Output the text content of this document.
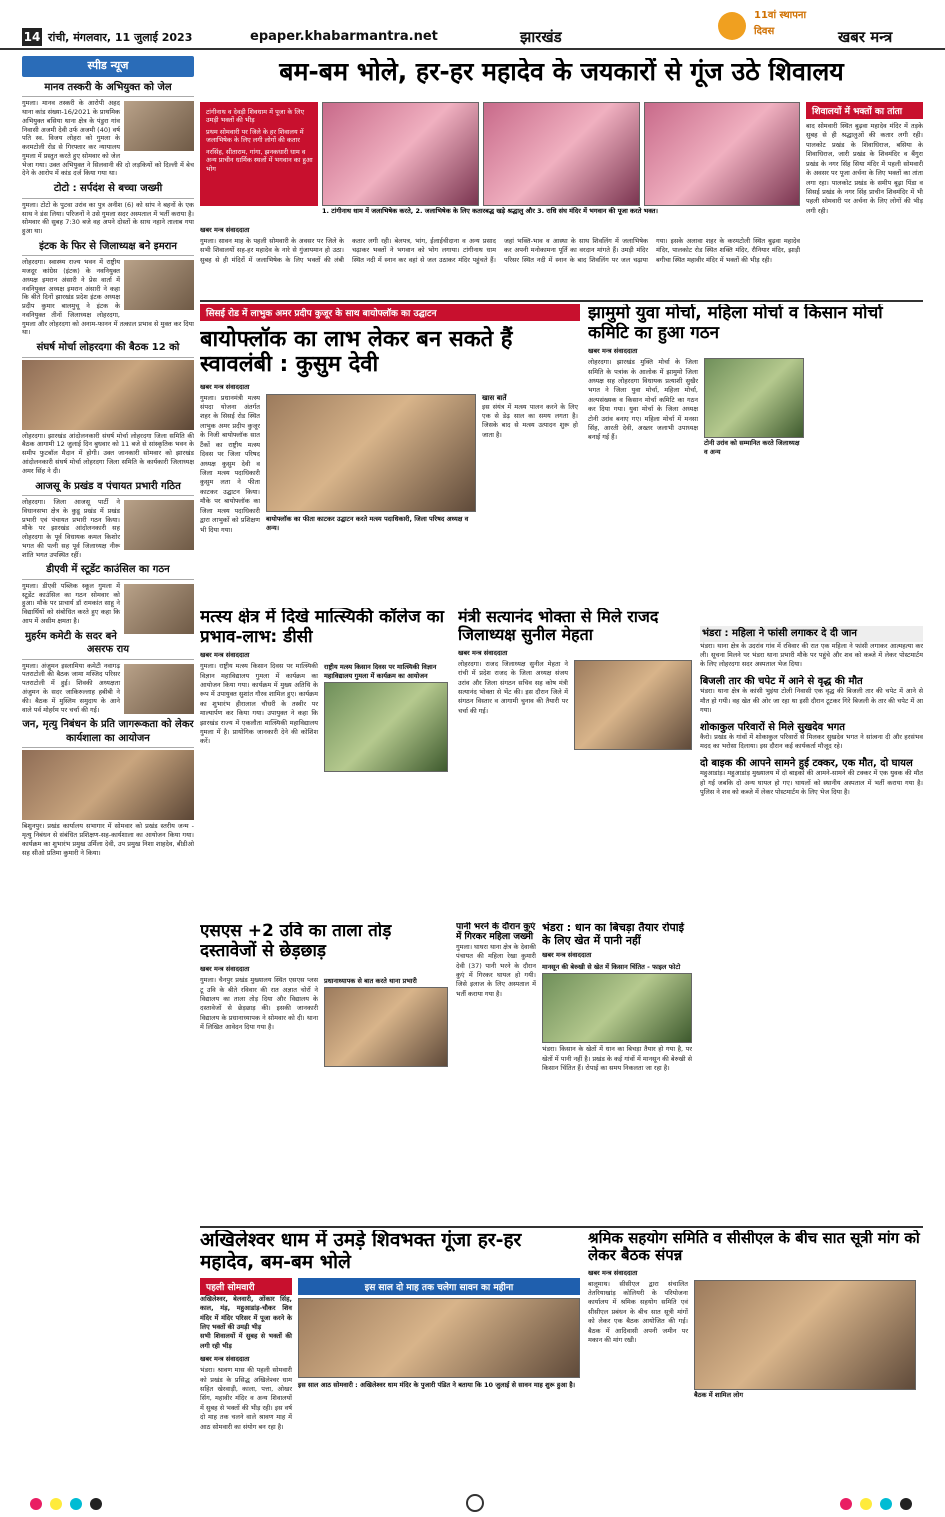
14 रांची, मंगलवार, 11 जुलाई 2023	epaper.khabarmantra.net	झारखंड
11वां स्थापना दिवस	खबर मन्त्र
स्पीड न्यूज
मानव तस्करी के अभियुक्त को जेल
गुमला। मानव तस्करी के आरोपी अहद थाना कांड संख्या-16/2021 के प्राथमिक अभियुक्त बसिया थाना क्षेत्र के पंडुरा गांव निवासी अजमी देवी उर्फ अजमी (40) वर्ष पति स्व. विजय लोहरा को गुमला के करमटोली रोड से गिरफ्तार कर न्यायालय गुमला में प्रस्तुत करते हुए सोमवार को जेल भेजा गया। उक्त अभियुक्त ने सिलवानी की दो लड़कियों को दिल्ली में बेच देने के आरोप में कांड दर्ज किया गया था।
टोटो : सर्पदंश से बच्चा जख्मी
गुमला। टोटो के पुटवा उरांव का पुत्र अनीश (6) को सांप ने बहनों के एक साथ ने डंस लिया। परिजनों ने उसे गुमला सदर अस्पताल में भर्ती कराया है। सोमवार की सुबह 7:30 बजे वह अपने दोस्तों के साथ नहाने तालाब गया हुआ था।
इंटक के फिर से जिलाध्यक्ष बने इमरान
लोहरदगा। स्वास्थ्य राज्य भवन में राष्ट्रीय मजदूर कांग्रेस (इंटक) के नवनियुक्त अध्यक्ष इमरान अंसारी ने प्रेस वार्ता में नवनियुक्त अध्यक्ष इमरान अंसारी ने कहा कि बीते दिनों झारखंड प्रदेश इंटक अध्यक्ष प्रदीप कुमार बालमुचू ने इंटक के नवनियुक्त तीनों जिलाध्यक्ष लोहरदगा, गुमला और लोहरदगा को अनाम-फानन में तत्काल प्रभाव से मुक्त कर दिया था।
संघर्ष मोर्चा लोहरदगा की बैठक 12 को
लोहरदगा। झारखंड आंदोलनकारी संघर्ष मोर्चा लोहरदगा जिला समिति की बैठक आगामी 12 जुलाई दिन बुधवार को 11 बजे से सांस्कृतिक भवन के समीप फुटबॉल मैदान में होगी। उक्त जानकारी सोमवार को झारखंड आंदोलनकारी संघर्ष मोर्चा लोहरदगा जिला समिति के कार्यकारी जिलाध्यक्ष अमर सिंह ने दी।
आजसू के प्रखंड व पंचायत प्रभारी गठित
लोहरदगा। जिला आजसू पार्टी ने विधानसभा क्षेत्र के कुडू प्रखंड में प्रखंड प्रभारी एवं पंचायत प्रभारी गठन किया। मौके पर झारखंड आंदोलनकारी सह लोहरदगा के पूर्व विधायक कमल किशोर भगत की पत्नी सह पूर्व जिलाध्यक्ष नीरू शांति भगत उपस्थित रहीं।
डीएवी में स्टूडेंट काउंसिल का गठन
गुमला। डीएवी पब्लिक स्कूल गुमला में स्टूडेंट काउंसिल का गठन सोमवार को हुआ। मौके पर प्राचार्य डॉ रामकांत साहू ने विद्यार्थियों को संबोधित करते हुए कहा कि आप में असीम क्षमता है।
मुहर्रम कमेटी के सदर बने असरफ राय
गुमला। अंजुमन इस्लामिया कमेटी नवागढ़ पतराटोली की बैठक जामा मस्जिद परिसर पतराटोली में हुई। शिवकी अध्यक्षता अंजुमन के सदर जाकिरुल्लाह हबीबी ने की। बैठक में मुस्लिम समुदाय के आने वाले पर्व मोहर्रम पर चर्चा की गई।
जन, मृत्यु निबंधन के प्रति जागरूकता को लेकर कार्यशाला का आयोजन
बिशुनपुर। प्रखंड कार्यालय सभागार में सोमवार को प्रखंड स्तरीय जन्म - मृत्यु निबंधन से संबंधित प्रशिक्षण-सह-कार्यशाला का आयोजन किया गया। कार्यक्रम का शुभारंभ प्रमुख उर्मिला देवी, उप प्रमुख निशा शाहदेव, बीडीओ सह सीओ प्रतिमा कुमारी ने किया।
बम-बम भोले, हर-हर महादेव के जयकारों से गूंज उठे शिवालय
टांगीनाथ व देवड़ी शिवधाम में पूजा के लिए उमड़ी भक्तों की भीड़
प्रथम सोमवारी पर जिले के हर शिवालय में जलाभिषेक के लिए लगी लोगों की कतार
नरसिंह, सीताराम, गांगा, झनकधारी धाम व अन्य प्राचीन धार्मिक स्थलों में भगवान का हुआ भोग
1. टांगीनाथ धाम में जलाभिषेक करते, 2. जलाभिषेक के लिए कतारबद्ध खड़े श्रद्धालु और 3. राधि संघ मंदिर में भगवान की पूजा करते भक्त।
शिवालयों में भक्तों का तांता
बाद सोमवारी स्थित बुढ़वा महादेव मंदिर में तड़के सुबह से ही श्रद्धालुओं की कतार लगी रही। पालकोट प्रखंड के शिवाधिराज, बसिया के शिवाधिराज, जारी प्रखंड के शिवमंदिर व बैंगुरा प्रखंड के नगर सिंह सिया मंदिर में पहली सोमवारी के अवसर पर पूजा अर्चना के लिए भक्तों का तांता लगा रहा। पालकोट प्रखंड के समीप बूढ़ा पिंडा व सिसई प्रखंड के नगर सिंह प्राचीन शिवमंदिर में भी पहली सोमवारी पर अर्चना के लिए लोगों की भीड़ लगी रही।
खबर मन्त्र संवाददाता
गुमला। सावन माह के पहली सोमवारी के अवसर पर जिले के सभी शिवालयों सह-हर महादेव के नारे से गुंजायमान हो उठा। सुबह से ही मंदिरों में जलाभिषेक के लिए भक्तों की लंबी कतार लगी रही। बेलपत्र, भांग, ईलाईचीदाना व अन्य प्रसाद चढ़ाकर भक्तों ने भगवान को भोग लगाया। टांगीनाथ धाम स्थित नदी में स्नान कर वहां से जल उठाकर मंदिर पहुंचते हैं। जहां भक्ति-भाव व आस्था के साथ शिवलिंग में जलाभिषेक कर अपनी मनोकामना पूर्ति का वरदान मांगते हैं। उमड़ी मंदिर परिसर स्थित नदी में स्नान के बाद शिवलिंग पर जल चढ़ाया गया। इसके अलावा शहर के करमटोली स्थित बुढ़वा महादेव मंदिर, पालकोट रोड स्थित शक्ति मंदिर, रौनियार मंदिर, झाड़ी बगीचा स्थित महावीर मंदिर में भक्तों की भीड़ रही।
सिसई रोड में लाभुक अमर प्रदीप कुजूर के साथ बायोफ्लॉक का उद्घाटन
बायोफ्लॉक का लाभ लेकर बन सकते हैं स्वावलंबी : कुसुम देवी
खबर मन्त्र संवाददाता
गुमला। प्रधानमंत्री मत्स्य संपदा योजना अंतर्गत शहर के सिसई रोड स्थित लाभुक अमर प्रदीप कुजूर के निजी बायोफ्लॉक सात टैंकों का राष्ट्रीय मत्स्य दिवस पर जिला परिषद अध्यक्ष कुसुम देवी व जिला मत्स्य पदाधिकारी कुसुम लता ने फीता काटकर उद्घाटन किया। मौके पर बायोफ्लॉक का जिला मत्स्य पदाधिकारी द्वारा लाभुकों को प्रशिक्षण भी दिया गया।
बायोफ्लॉक का फीता काटकर उद्घाटन करते मत्स्य पदाधिकारी, जिला परिषद अध्यक्ष व अन्य।
खास बातें
इस संयंत्र में मत्स्य पालन करने के लिए एक से डेढ़ साल का समय लगता है। जिसके बाद से मत्स्य उत्पादन शुरू हो जाता है।
झामुमो युवा मोर्चा, महिला मोर्चा व किसान मोर्चा कमिटि का हुआ गठन
खबर मन्त्र संवाददाता
लोहरदगा। झारखंड मुक्ति मोर्चा के जिला समिति के पत्रांक के आलोक में झामुमो जिला अध्यक्ष सह लोहरदगा विधायक प्रत्याशी सुखैर भगत ने जिला युवा मोर्चा, महिला मोर्चा, अल्पसंख्यक व किसान मोर्चा कमिटि का गठन कर दिया गया। युवा मोर्चा के जिला अध्यक्ष टोनी उरांव बनाए गए। महिला मोर्चा में मनसा सिंह, आरती देवी, अख्तर जलाभी उपाध्यक्ष बनाई गई हैं।
टोनी उरांव को सम्मानित करते जिलाध्यक्ष व अन्य
भंडरा : महिला ने फांसी लगाकर दे दी जान
भंडरा। थाना क्षेत्र के उदरांव गांव में रविवार की रात एक महिला ने फांसी लगाकर आत्महत्या कर ली। सूचना मिलने पर भंडरा थाना प्रभारी मौके पर पहुंचे और शव को कब्जे में लेकर पोस्टमार्टम के लिए लोहरदगा सदर अस्पताल भेज दिया।
बिजली तार की चपेट में आने से वृद्ध की मौत
भंडरा। थाना क्षेत्र के कांसी भुइंया टोली निवासी एक वृद्ध की बिजली तार की चपेट में आने से मौत हो गयी। वह खेत की ओर जा रहा था इसी दौरान टूटकर गिरे बिजली के तार की चपेट में आ गया।
शोकाकुल परिवारों से मिले सुखदेव भगत
कैरो। प्रखंड के गांवों में शोकाकुल परिवारों से मिलकर सुखदेव भगत ने सांत्वना दी और हरसंभव मदद का भरोसा दिलाया। इस दौरान कई कार्यकर्ता मौजूद रहे।
दो बाइक की आपने सामने हुई टक्कर, एक मौत, दो घायल
महुआडांड़। महुआडांड़ मुख्यालय में दो बाइकों की आमने-सामने की टक्कर में एक युवक की मौत हो गई जबकि दो अन्य घायल हो गए। घायलों को स्थानीय अस्पताल में भर्ती कराया गया है। पुलिस ने शव को कब्जे में लेकर पोस्टमार्टम के लिए भेज दिया है।
मत्स्य क्षेत्र में दिखे मात्स्यिकी कॉलेज का प्रभाव-लाभ: डीसी
खबर मन्त्र संवाददाता
गुमला। राष्ट्रीय मत्स्य किसान दिवस पर मात्स्यिकी विज्ञान महाविद्यालय गुमला में कार्यक्रम का आयोजन किया गया। कार्यक्रम में मुख्य अतिथि के रूप में उपायुक्त सुशांत गौरव शामिल हुए। कार्यक्रम का शुभारंभ हीरालाल चौधरी के तस्वीर पर माल्यार्पण कर किया गया। उपायुक्त ने कहा कि झारखंड राज्य में एकलौता मात्स्यिकी महाविद्यालय गुमला में है। प्रायोगिक जानकारी देने की कोशिश करें।
राष्ट्रीय मत्स्य किसान दिवस पर मात्स्यिकी विज्ञान महाविद्यालय गुमला में कार्यक्रम का आयोजन
मंत्री सत्यानंद भोक्ता से मिले राजद जिलाध्यक्ष सुनील मेहता
खबर मन्त्र संवाददाता
लोहरदगा। राजद जिलाध्यक्ष सुनील मेहता ने रांची में प्रदेश राजद के जिला अध्यक्ष संजय उरांव और जिला संगठन सचिव सह कोष मंत्री सत्यानंद भोक्ता से भेंट की। इस दौरान जिले में संगठन विस्तार व आगामी चुनाव की तैयारी पर चर्चा की गई।
एसएस +2 उवि का ताला तोड़ दस्तावेजों से छेड़छाड़
खबर मन्त्र संवाददाता
गुमला। चैनपुर प्रखंड मुख्यालय स्थित एसएस प्लस टू उवि के बीते रविवार की रात अज्ञात चोरों ने विद्यालय का ताला तोड़ दिया और विद्यालय के दस्तावेजों से छेड़छाड़ की। इसकी जानकारी विद्यालय के प्रधानाध्यापक ने सोमवार को दी। थाना में लिखित आवेदन दिया गया है।
प्रधानाध्यापक से बात करते थाना प्रभारी
पानी भरने के दौरान कुएं में गिरकर महिला जख्मी
गुमला। घाघरा थाना क्षेत्र के देवाकी पंचायत की महिला रेखा कुमारी देवी (37) पानी भरने के दौरान कुएं में गिरकर घायल हो गयी। जिसे इलाज के लिए अस्पताल में भर्ती कराया गया है।
भंडरा : धान का बिचड़ा तैयार रोपाई के लिए खेत में पानी नहीं
खबर मन्त्र संवाददाता
मानसून की बेरुखी से खेत में किसान चिंतित - फाइल फोटो
भंडरा। किसान के खेतों में धान का बिचड़ा तैयार हो गया है, पर खेतों में पानी नहीं है। प्रखंड के कई गांवों में मानसून की बेरुखी से किसान चिंतित हैं। रोपाई का समय निकलता जा रहा है।
अखिलेश्वर धाम में उमड़े शिवभक्त गूंजा हर-हर महादेव, बम-बम भोले
पहली सोमवारी
अखिलेश्वर, बेलवारी, ओंकार सिंह, काल, मंड़, महुआडांड़-चौकर शिव मंदिर में मंदिर परिसर में पूजा करने के लिए भक्तों की उमड़ी भीड़
सभी शिवालयों में सुबह से भक्तों की लगी रही भीड़
खबर मन्त्र संवाददाता
भंडरा। श्रावण मास की पहली सोमवारी को प्रखंड के प्रसिद्ध अखिलेश्वर धाम सहित खेरवाड़ी, काला, पत्ता, ओखर सिंग, महावीर मंदिर व अन्य शिवालयों में सुबह से भक्तों की भीड़ रही। इस वर्ष दो माह तक चलने वाले श्रावण माह में आठ सोमवारी का संयोग बन रहा है।
इस साल दो माह तक चलेगा सावन का महीना
इस साल आठ सोमवारी : अखिलेश्वर धाम मंदिर के पुजारी पंडित ने बताया कि 10 जुलाई से सावन माह शुरू हुआ है।
श्रमिक सहयोग समिति व सीसीएल के बीच सात सूत्री मांग को लेकर बैठक संपन्न
खबर मन्त्र संवाददाता
बालूमाथ। सीसीएल द्वारा संचालित तेतरियाखांड़ कोलियरी के परियोजना कार्यालय में श्रमिक सहयोग समिति एवं सीसीएल प्रबंधन के बीच सात सूत्री मांगों को लेकर एक बैठक आयोजित की गई। बैठक में आदिवासी अपनी जमीन पर मकान की मांग रखी।
बैठक में शामिल लोग
